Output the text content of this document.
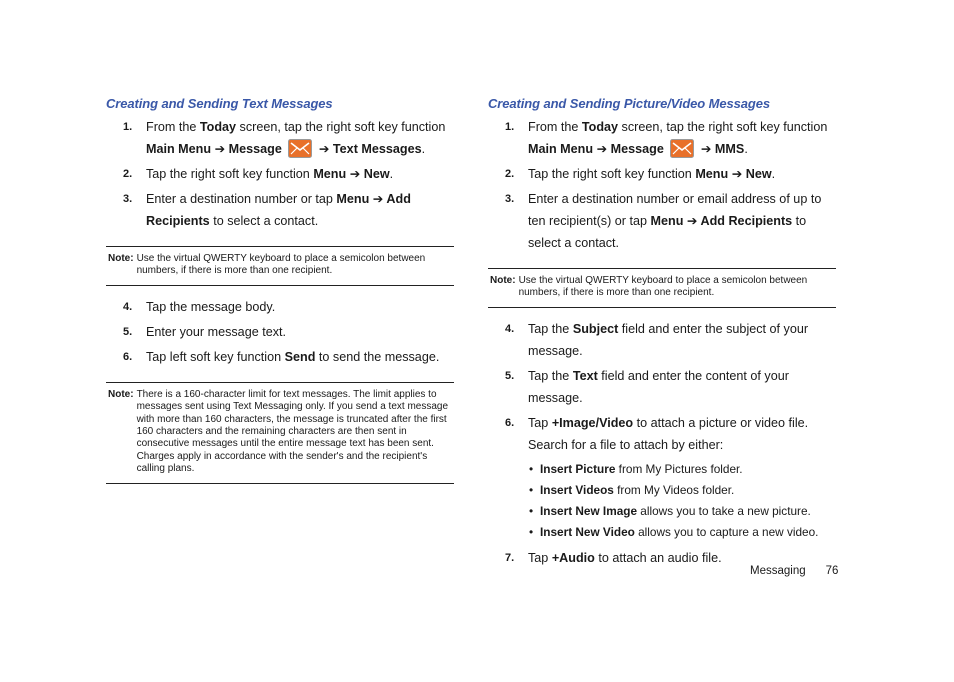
Creating and Sending Text Messages
1. From the Today screen, tap the right soft key function Main Menu ➔ Message	➔ Text Messages.
2. Tap the right soft key function Menu ➔ New.
3. Enter a destination number or tap Menu ➔ Add Recipients to select a contact.
Note: Use the virtual QWERTY keyboard to place a semicolon between numbers, if there is more than one recipient.
4. Tap the message body.
5. Enter your message text.
6. Tap left soft key function Send to send the message.
Note: There is a 160-character limit for text messages. The limit applies to messages sent using Text Messaging only. If you send a text message with more than 160 characters, the message is truncated after the first 160 characters and the remaining characters are then sent in consecutive messages until the entire message text has been sent. Charges apply in accordance with the sender's and the recipient's calling plans.
Creating and Sending Picture/Video Messages
1. From the Today screen, tap the right soft key function Main Menu ➔ Message	➔ MMS.
2. Tap the right soft key function Menu ➔ New.
3. Enter a destination number or email address of up to ten recipient(s) or tap Menu ➔ Add Recipients to select a contact.
Note: Use the virtual QWERTY keyboard to place a semicolon between numbers, if there is more than one recipient.
4. Tap the Subject field and enter the subject of your message.
5. Tap the Text field and enter the content of your message.
6. Tap +Image/Video to attach a picture or video file. Search for a file to attach by either:
• Insert Picture from My Pictures folder.
• Insert Videos from My Videos folder.
• Insert New Image allows you to take a new picture.
• Insert New Video allows you to capture a new video.
7. Tap +Audio to attach an audio file.
Messaging 76
